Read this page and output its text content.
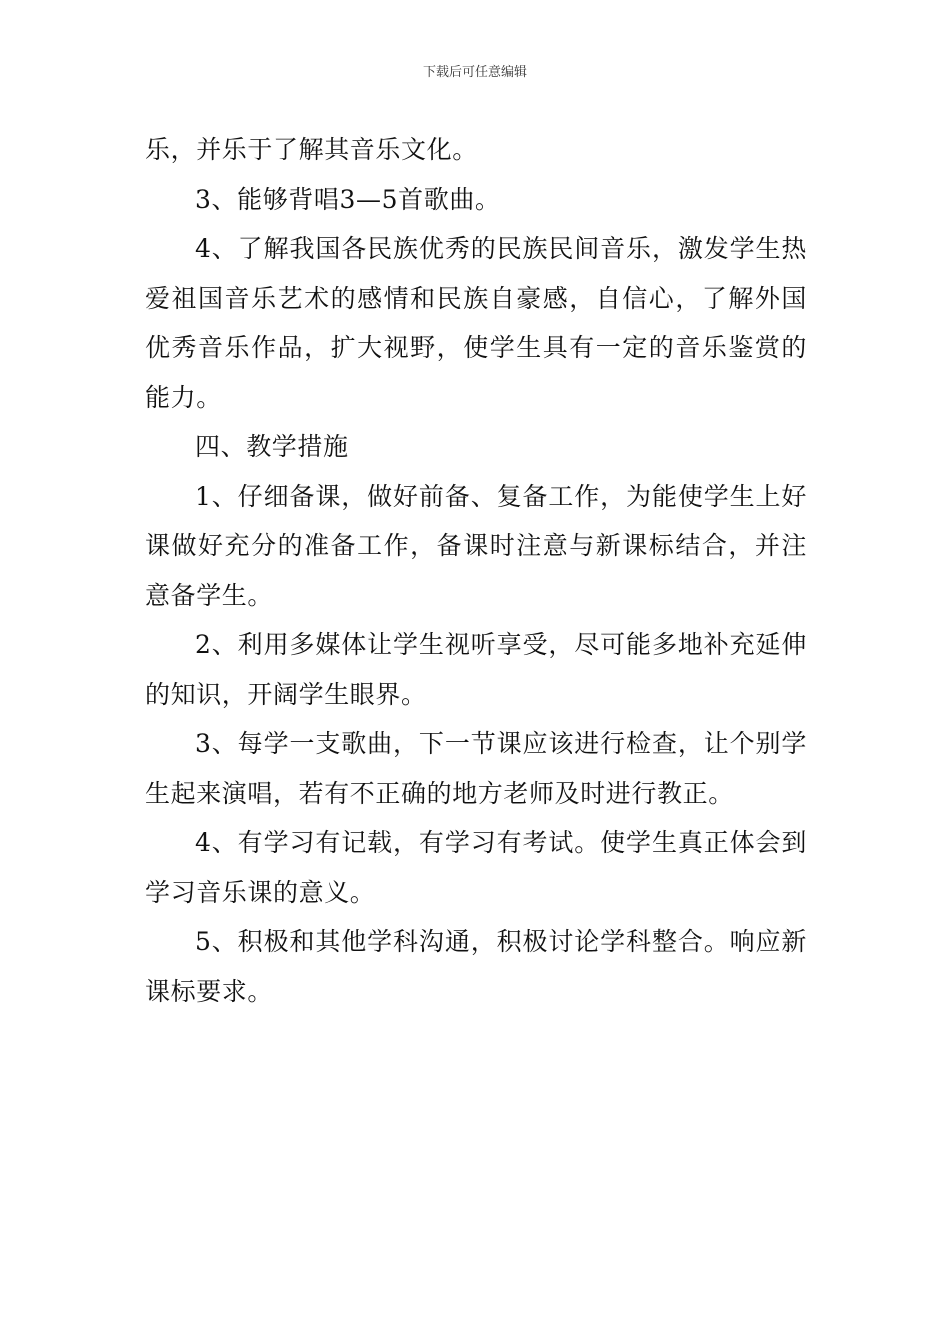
下载后可任意编辑

乐，并乐于了解其音乐文化。

3、能够背唱3—5首歌曲。

4、了解我国各民族优秀的民族民间音乐，激发学生热爱祖国音乐艺术的感情和民族自豪感，自信心，了解外国优秀音乐作品，扩大视野，使学生具有一定的音乐鉴赏的能力。

四、教学措施

1、仔细备课，做好前备、复备工作，为能使学生上好课做好充分的准备工作，备课时注意与新课标结合，并注意备学生。

2、利用多媒体让学生视听享受，尽可能多地补充延伸的知识，开阔学生眼界。

3、每学一支歌曲，下一节课应该进行检查，让个别学生起来演唱，若有不正确的地方老师及时进行教正。

4、有学习有记载，有学习有考试。使学生真正体会到学习音乐课的意义。

5、积极和其他学科沟通，积极讨论学科整合。响应新课标要求。
